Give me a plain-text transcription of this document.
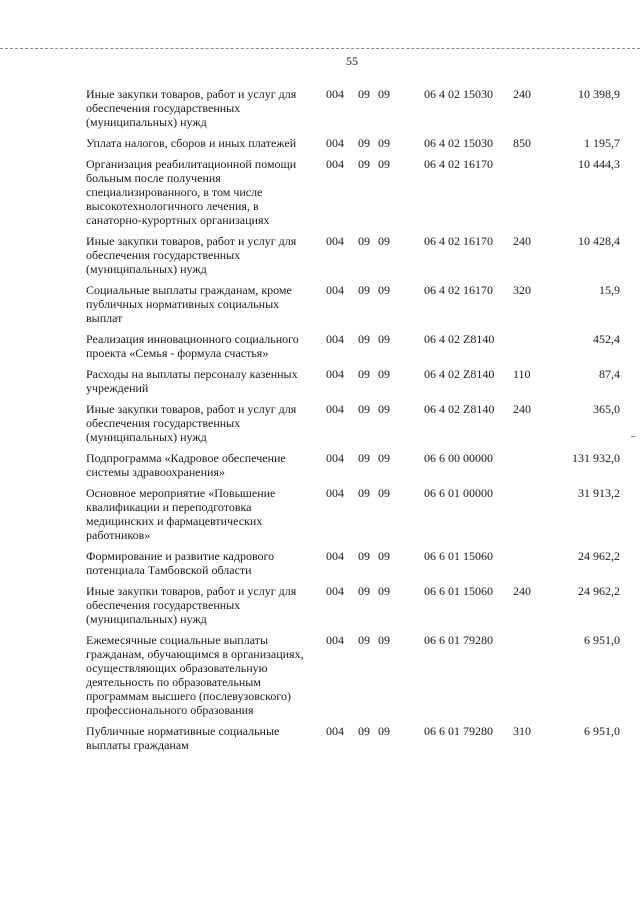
55
Иные закупки товаров, работ и услуг для обеспечения государственных (муниципальных) нужд	004	09	09	06 4 02 15030	240	10 398,9
Уплата налогов, сборов и иных платежей	004	09	09	06 4 02 15030	850	1 195,7
Организация реабилитационной помощи больным после получения специализированного, в том числе высокотехнологичного лечения, в санаторно-курортных организациях	004	09	09	06 4 02 16170		10 444,3
Иные закупки товаров, работ и услуг для обеспечения государственных (муниципальных) нужд	004	09	09	06 4 02 16170	240	10 428,4
Социальные выплаты гражданам, кроме публичных нормативных социальных выплат	004	09	09	06 4 02 16170	320	15,9
Реализация инновационного социального проекта «Семья - формула счастья»	004	09	09	06 4 02 Z8140		452,4
Расходы на выплаты персоналу казенных учреждений	004	09	09	06 4 02 Z8140	110	87,4
Иные закупки товаров, работ и услуг для обеспечения государственных (муниципальных) нужд	004	09	09	06 4 02 Z8140	240	365,0
Подпрограмма «Кадровое обеспечение системы здравоохранения»	004	09	09	06 6 00 00000		131 932,0
Основное мероприятие «Повышение квалификации и переподготовка медицинских и фармацевтических работников»	004	09	09	06 6 01 00000		31 913,2
Формирование и развитие кадрового потенциала Тамбовской области	004	09	09	06 6 01 15060		24 962,2
Иные закупки товаров, работ и услуг для обеспечения государственных (муниципальных) нужд	004	09	09	06 6 01 15060	240	24 962,2
Ежемесячные социальные выплаты гражданам, обучающимся в организациях, осуществляющих образовательную деятельность по образовательным программам высшего (послевузовского) профессионального образования	004	09	09	06 6 01 79280		6 951,0
Публичные нормативные социальные выплаты гражданам	004	09	09	06 6 01 79280	310	6 951,0
